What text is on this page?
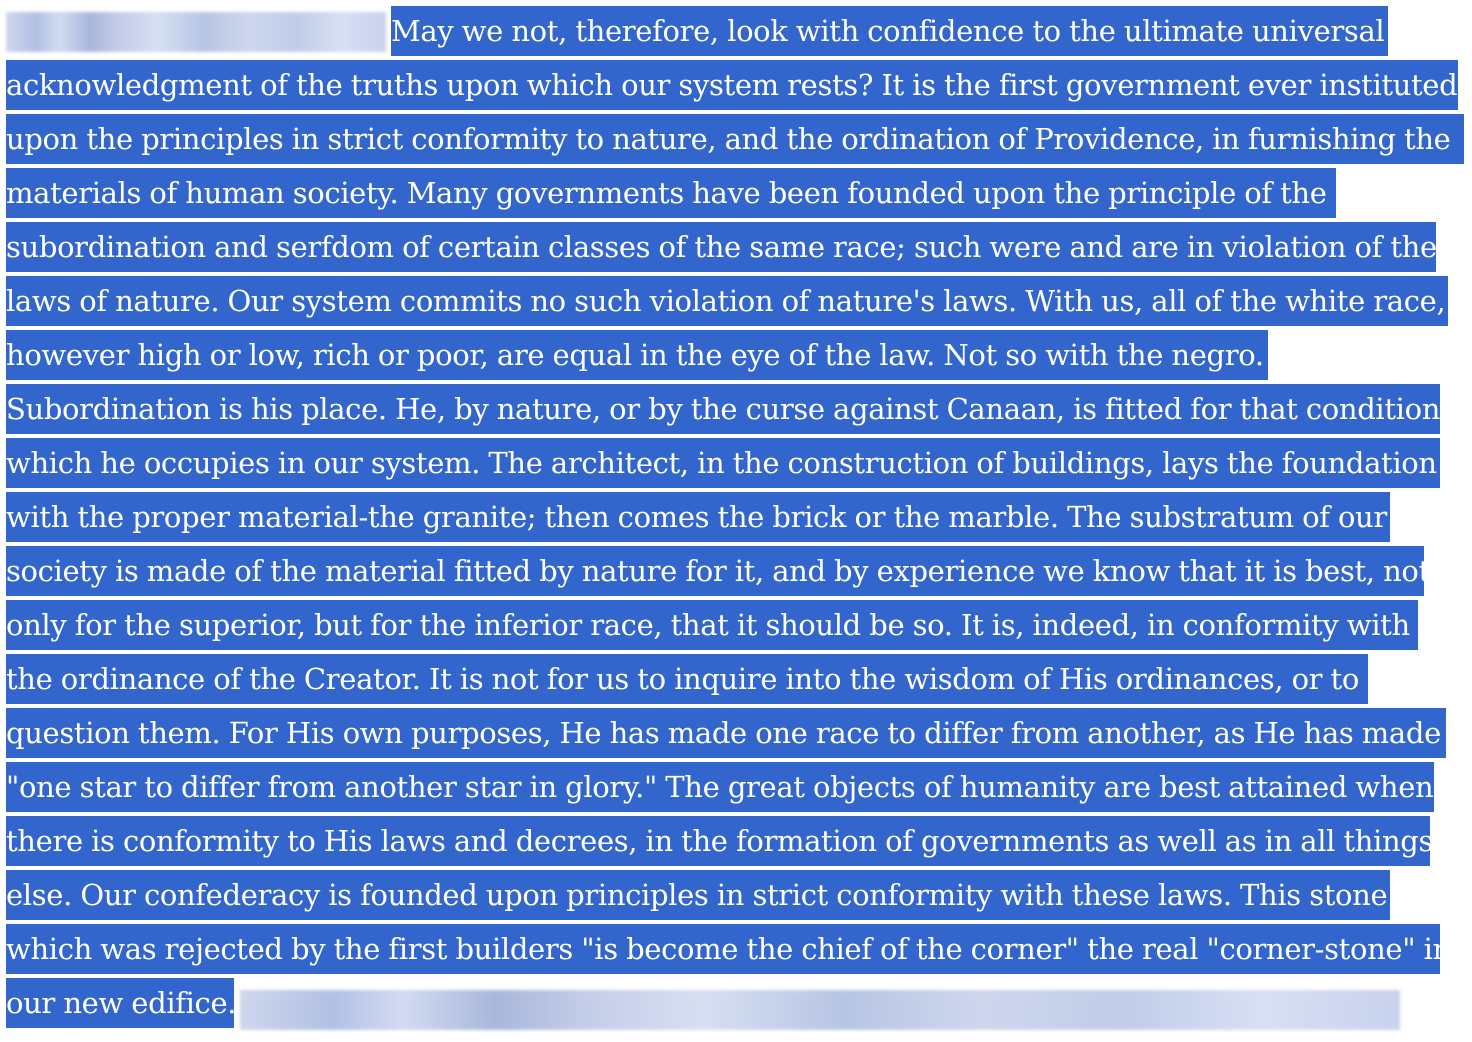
May we not, therefore, look with confidence to the ultimate universal
acknowledgment of the truths upon which our system rests? It is the first government ever instituted
upon the principles in strict conformity to nature, and the ordination of Providence, in furnishing the
materials of human society. Many governments have been founded upon the principle of the
subordination and serfdom of certain classes of the same race; such were and are in violation of the
laws of nature. Our system commits no such violation of nature's laws. With us, all of the white race,
however high or low, rich or poor, are equal in the eye of the law. Not so with the negro.
Subordination is his place. He, by nature, or by the curse against Canaan, is fitted for that condition
which he occupies in our system. The architect, in the construction of buildings, lays the foundation
with the proper material-the granite; then comes the brick or the marble. The substratum of our
society is made of the material fitted by nature for it, and by experience we know that it is best, not
only for the superior, but for the inferior race, that it should be so. It is, indeed, in conformity with
the ordinance of the Creator. It is not for us to inquire into the wisdom of His ordinances, or to
question them. For His own purposes, He has made one race to differ from another, as He has made
"one star to differ from another star in glory." The great objects of humanity are best attained when
there is conformity to His laws and decrees, in the formation of governments as well as in all things
else. Our confederacy is founded upon principles in strict conformity with these laws. This stone
which was rejected by the first builders "is become the chief of the corner" the real "corner-stone" in
our new edifice.
